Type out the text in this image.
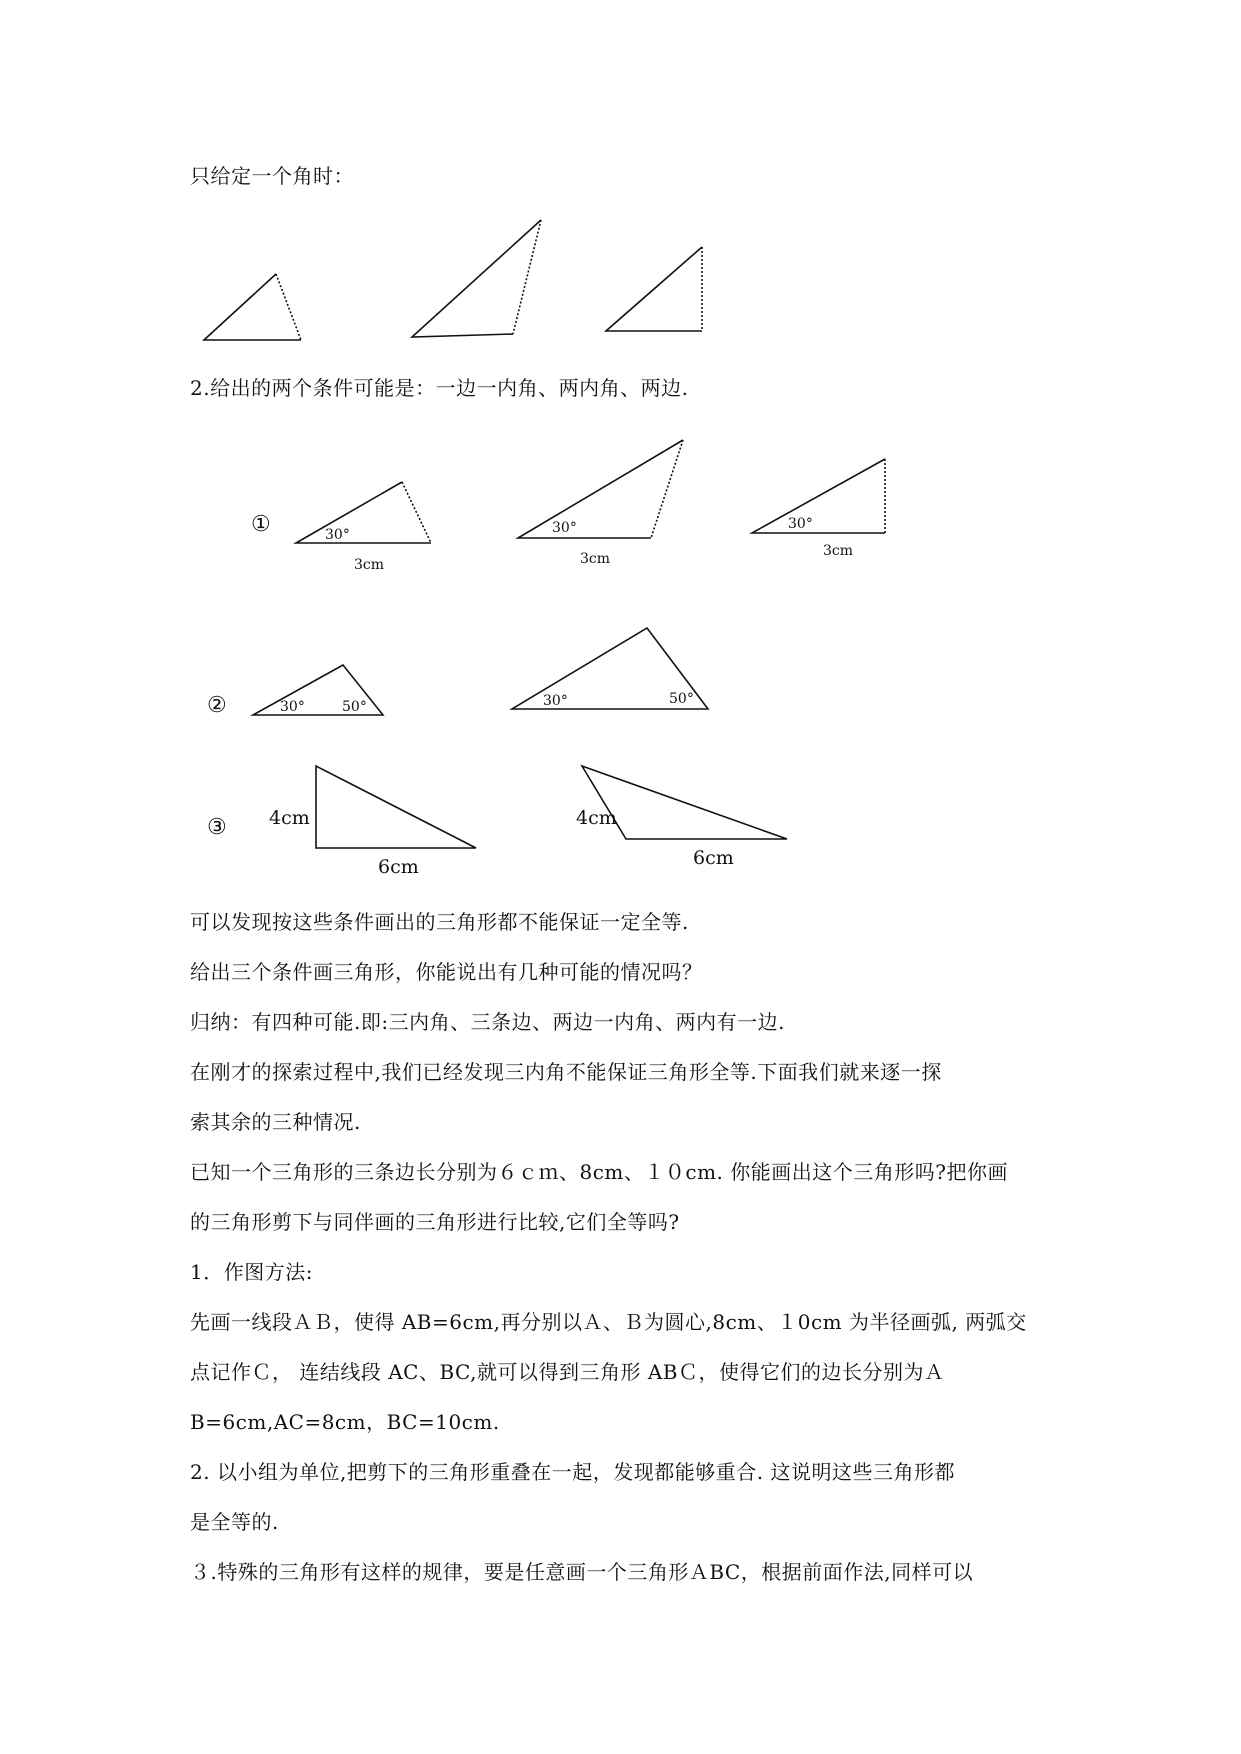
只给定一个角时：
2.给出的两个条件可能是：一边一内角、两内角、两边.
可以发现按这些条件画出的三角形都不能保证一定全等.
给出三个条件画三角形，你能说出有几种可能的情况吗？
归纳：有四种可能.即:三内角、三条边、两边一内角、两内有一边.
在刚才的探索过程中,我们已经发现三内角不能保证三角形全等.下面我们就来逐一探
索其余的三种情况.
已知一个三角形的三条边长分别为６ｃｍ、8cm、１０cm. 你能画出这个三角形吗?把你画
的三角形剪下与同伴画的三角形进行比较,它们全等吗?
1．作图方法:
先画一线段ＡＢ，使得 AB=6cm,再分别以Ａ、Ｂ为圆心,8cm、１0cm 为半径画弧, 两弧交
点记作Ｃ， 连结线段 AC、BC,就可以得到三角形 ABＣ，使得它们的边长分别为Ａ
B=6cm,AC=8cm，BC=10cm.
2. 以小组为单位,把剪下的三角形重叠在一起，发现都能够重合. 这说明这些三角形都
是全等的.
３.特殊的三角形有这样的规律，要是任意画一个三角形ＡBC，根据前面作法,同样可以
①
②
③
30°
3cm
30°
3cm
30°
3cm
30°	50°	30°	50°
4cm
6cm
4cm
6cm
